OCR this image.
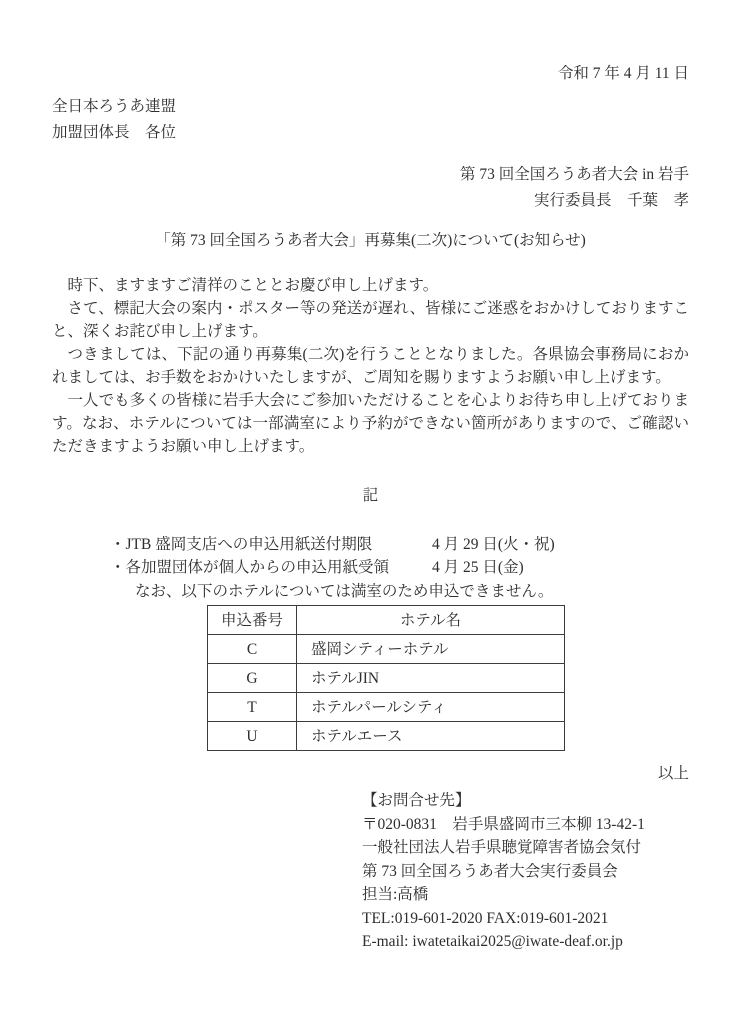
令和 7 年 4 月 11 日
全日本ろうあ連盟
加盟団体長　各位
第 73 回全国ろうあ者大会 in 岩手
実行委員長　千葉　孝
「第 73 回全国ろうあ者大会」再募集(二次)について(お知らせ)

時下、ますますご清祥のこととお慶び申し上げます。

さて、標記大会の案内・ポスター等の発送が遅れ、皆様にご迷惑をおかけしておりますこと、深くお詫び申し上げます。

つきましては、下記の通り再募集(二次)を行うこととなりました。各県協会事務局におかれましては、お手数をおかけいたしますが、ご周知を賜りますようお願い申し上げます。

一人でも多くの皆様に岩手大会にご参加いただけることを心よりお待ち申し上げております。なお、ホテルについては一部満室により予約ができない箇所がありますので、ご確認いただきますようお願い申し上げます。

記
・JTB 盛岡支店への申込用紙送付期限	4 月 29 日(火・祝)
・各加盟団体が個人からの申込用紙受領	4 月 25 日(金)
なお、以下のホテルについては満室のため申込できません。
申込番号	ホテル名
C	盛岡シティーホテル
G	ホテルJIN
T	ホテルパールシティ
U	ホテルエース
以上
【お問合せ先】
〒020-0831　岩手県盛岡市三本柳 13-42-1
一般社団法人岩手県聴覚障害者協会気付
第 73 回全国ろうあ者大会実行委員会
担当:高橋
TEL:019-601-2020 FAX:019-601-2021
E-mail: iwatetaikai2025@iwate-deaf.or.jp
